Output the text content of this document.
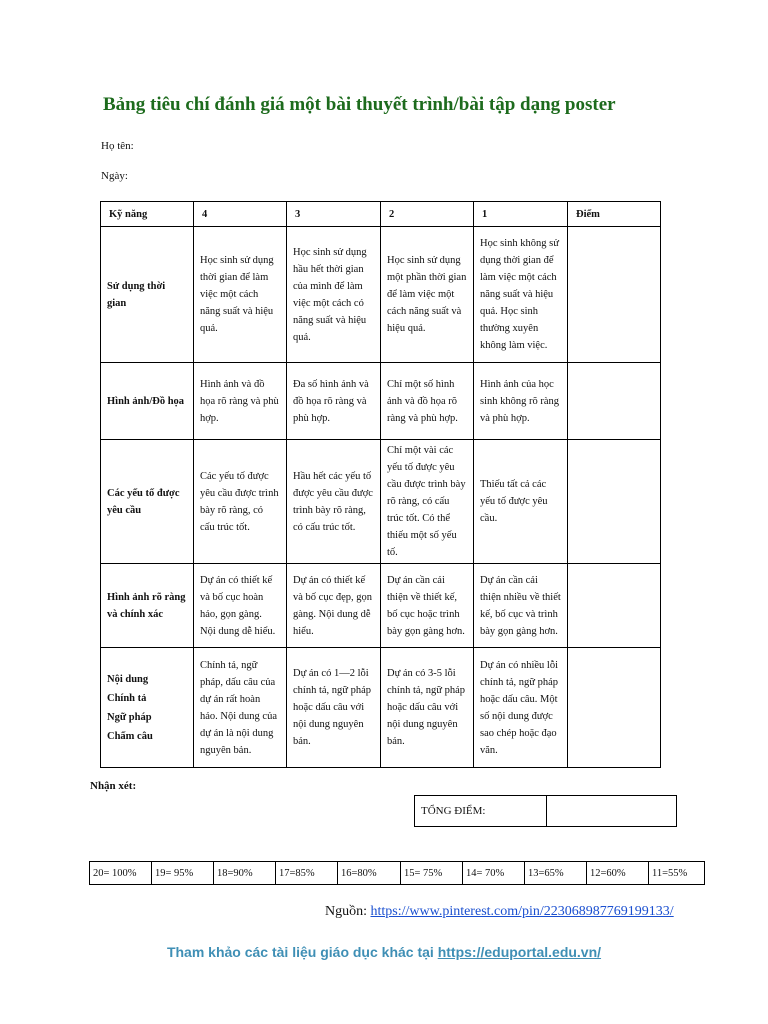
Bảng tiêu chí đánh giá một bài thuyết trình/bài tập dạng poster
Họ tên:
Ngày:
Kỹ năng	4	3	2	1	Điểm
Sử dụng thời gian	Học sinh sử dụng thời gian để làm việc một cách năng suất và hiệu quả.	Học sinh sử dụng hầu hết thời gian của mình để làm việc một cách có năng suất và hiệu quả.	Học sinh sử dụng một phần thời gian để làm việc một cách năng suất và hiệu quả.	Học sinh không sử dụng thời gian để làm việc một cách năng suất và hiệu quả. Học sinh thường xuyên không làm việc.	
Hình ảnh/Đồ họa	Hình ảnh và đồ họa rõ ràng và phù hợp.	Đa số hình ảnh và đồ họa rõ ràng và phù hợp.	Chỉ một số hình ảnh và đồ họa rõ ràng và phù hợp.	Hình ảnh của học sinh không rõ ràng và phù hợp.	
Các yếu tố được yêu cầu	Các yếu tố được yêu cầu được trình bày rõ ràng, có cấu trúc tốt.	Hầu hết các yếu tố được yêu cầu được trình bày rõ ràng, có cấu trúc tốt.	Chỉ một vài các yếu tố được yêu cầu được trình bày rõ ràng, có cấu trúc tốt. Có thể thiếu một số yếu tố.	Thiếu tất cả các yếu tố được yêu cầu.	
Hình ảnh rõ ràng và chính xác	Dự án có thiết kế và bố cục hoàn hảo, gọn gàng. Nội dung dễ hiểu.	Dự án có thiết kế và bố cục đẹp, gọn gàng. Nội dung dễ hiểu.	Dự án cần cải thiện về thiết kế, bố cục hoặc trình bày gọn gàng hơn.	Dự án cần cải thiện nhiều về thiết kế, bố cục và trình bày gọn gàng hơn.	
Nội dung
Chính tả
Ngữ pháp
Chấm câu	Chính tả, ngữ pháp, dấu câu của dự án rất hoàn hảo. Nội dung của dự án là nội dung nguyên bản.	Dự án có 1—2 lỗi chính tả, ngữ pháp hoặc dấu câu với nội dung nguyên bản.	Dự án có 3-5 lỗi chính tả, ngữ pháp hoặc dấu câu với nội dung nguyên bản.	Dự án có nhiều lỗi chính tả, ngữ pháp hoặc dấu câu. Một số nội dung được sao chép hoặc đạo văn.	
Nhận xét:
TỔNG ĐIỂM:	
20= 100%	19= 95%	18=90%	17=85%	16=80%	15= 75%	14= 70%	13=65%	12=60%	11=55%
Nguồn: https://www.pinterest.com/pin/223068987769199133/
Tham khảo các tài liệu giáo dục khác tại https://eduportal.edu.vn/
